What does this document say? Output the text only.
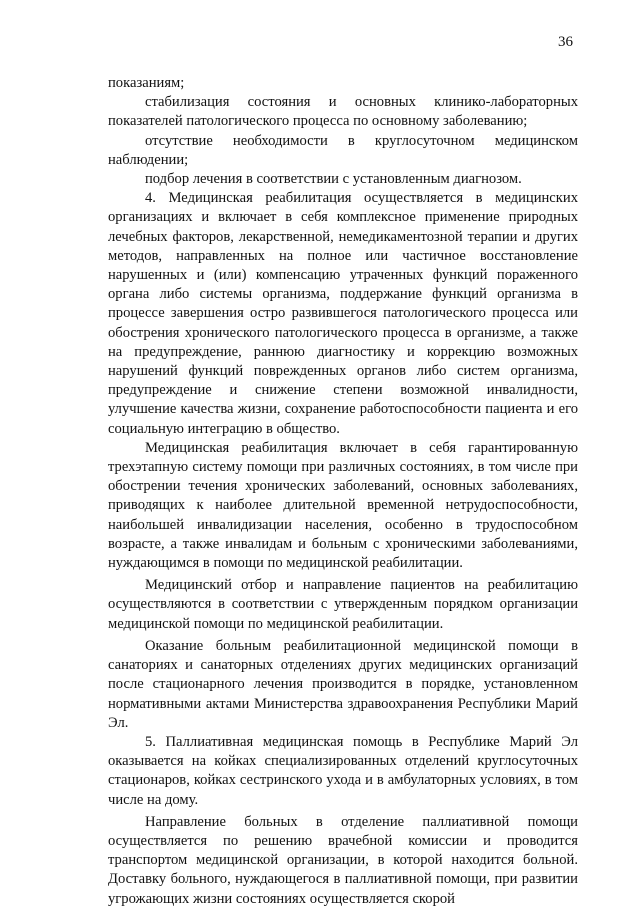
36

показаниям;

стабилизация состояния и основных клинико-лабораторных показателей патологического процесса по основному заболеванию;

отсутствие необходимости в круглосуточном медицинском наблюдении;

подбор лечения в соответствии с установленным диагнозом.

4. Медицинская реабилитация осуществляется в медицинских организациях и включает в себя комплексное применение природных лечебных факторов, лекарственной, немедикаментозной терапии и других методов, направленных на полное или частичное восстановление нарушенных и (или) компенсацию утраченных функций пораженного органа либо системы организма, поддержание функций организма в процессе завершения остро развившегося патологического процесса или обострения хронического патологического процесса в организме, а также на предупреждение, раннюю диагностику и коррекцию возможных нарушений функций поврежденных органов либо систем организма, предупреждение и снижение степени возможной инвалидности, улучшение качества жизни, сохранение работоспособности пациента и его социальную интеграцию в общество.

Медицинская реабилитация включает в себя гарантированную трехэтапную систему помощи при различных состояниях, в том числе при обострении течения хронических заболеваний, основных заболеваниях, приводящих к наиболее длительной временной нетрудоспособности, наибольшей инвалидизации населения, особенно в трудоспособном возрасте, а также инвалидам и больным с хроническими заболеваниями, нуждающимся в помощи по медицинской реабилитации.

Медицинский отбор и направление пациентов на реабилитацию осуществляются в соответствии с утвержденным порядком организации медицинской помощи по медицинской реабилитации.

Оказание больным реабилитационной медицинской помощи в санаториях и санаторных отделениях других медицинских организаций после стационарного лечения производится в порядке, установленном нормативными актами Министерства здравоохранения Республики Марий Эл.

5. Паллиативная медицинская помощь в Республике Марий Эл оказывается на койках специализированных отделений круглосуточных стационаров, койках сестринского ухода и в амбулаторных условиях, в том числе на дому.

Направление больных в отделение паллиативной помощи осуществляется по решению врачебной комиссии и проводится транспортом медицинской организации, в которой находится больной. Доставку больного, нуждающегося в паллиативной помощи, при развитии угрожающих жизни состояниях осуществляется скорой
